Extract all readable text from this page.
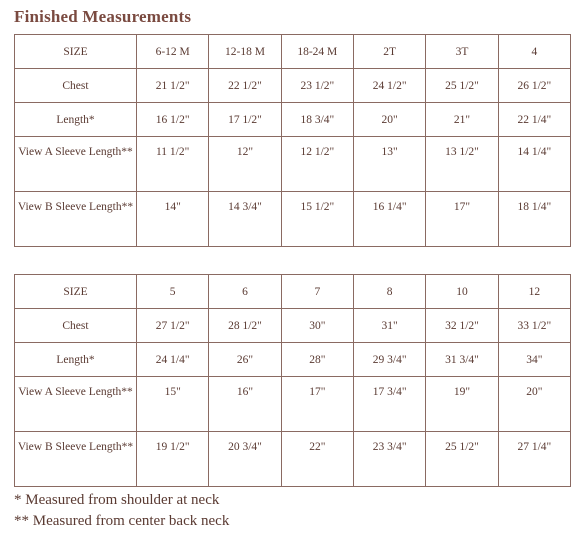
Finished Measurements
SIZE	6-12 M	12-18 M	18-24 M	2T	3T	4
Chest	21 1/2"	22 1/2"	23 1/2"	24 1/2"	25 1/2"	26 1/2"
Length*	16 1/2"	17 1/2"	18 3/4"	20"	21"	22 1/4"
View A Sleeve Length**	11 1/2"	12"	12 1/2"	13"	13 1/2"	14 1/4"
View B Sleeve Length**	14"	14 3/4"	15 1/2"	16 1/4"	17"	18 1/4"
SIZE	5	6	7	8	10	12
Chest	27 1/2"	28 1/2"	30"	31"	32 1/2"	33 1/2"
Length*	24 1/4"	26"	28"	29 3/4"	31 3/4"	34"
View A Sleeve Length**	15"	16"	17"	17 3/4"	19"	20"
View B Sleeve Length**	19 1/2"	20 3/4"	22"	23 3/4"	25 1/2"	27 1/4"
* Measured from shoulder at neck
** Measured from center back neck
